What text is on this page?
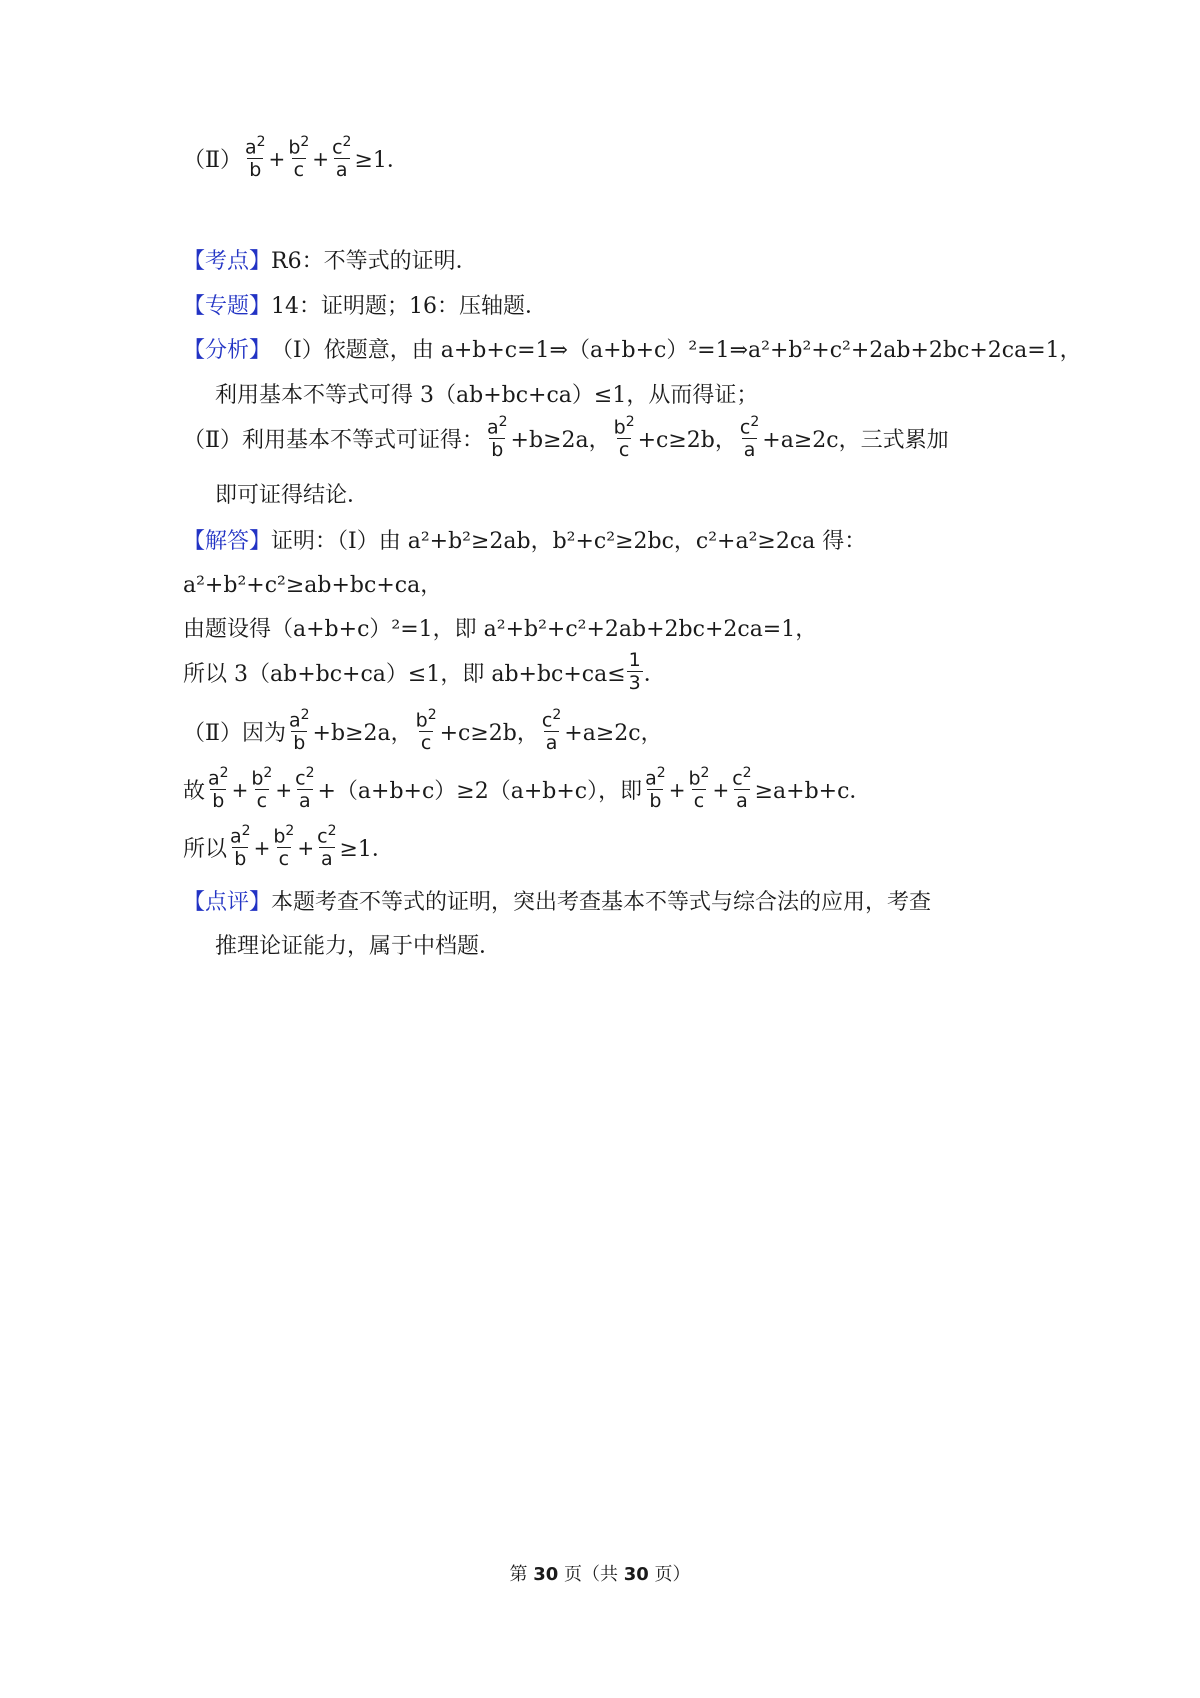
（Ⅱ） $\frac{a^2}{b} + \frac{b^2}{c} + \frac{c^2}{a} \ge 1$．
【考点】 R6：不等式的证明．
【专题】 14：证明题；16：压轴题．
【分析】 （Ⅰ）依题意，由 a+b+c=1⇒（a+b+c）²=1⇒a²+b²+c²+2ab+2bc+2ca=1，
利用基本不等式可得 3（ab+bc+ca）≤1，从而得证；
（Ⅱ）利用基本不等式可证得： $\frac{a^2}{b} +b\ge 2a$， $\frac{b^2}{c} +c\ge 2b$， $\frac{c^2}{a} +a\ge 2c$，三式累加
即可证得结论．
【解答】 证明：（Ⅰ）由 a²+b²≥2ab，b²+c²≥2bc，c²+a²≥2ca 得：
a²+b²+c²≥ab+bc+ca，
由题设得（a+b+c）²=1，即 a²+b²+c²+2ab+2bc+2ca=1，
所以 3（ab+bc+ca）≤1，即 $ab+bc+ca\le \frac{1}{3}$ ．
（Ⅱ）因为 $\frac{a^2}{b} +b\ge 2a$， $\frac{b^2}{c} +c\ge 2b$， $\frac{c^2}{a} +a\ge 2c$，
故 $\frac{a^2}{b} + \frac{b^2}{c} + \frac{c^2}{a} +(a+b+c)\ge 2(a+b+c)$，即 $\frac{a^2}{b} + \frac{b^2}{c} + \frac{c^2}{a} \ge a+b+c$．
所以 $\frac{a^2}{b} + \frac{b^2}{c} + \frac{c^2}{a} \ge 1$．
【点评】 本题考查不等式的证明，突出考查基本不等式与综合法的应用，考查
推理论证能力，属于中档题．
第 30 页（共 30 页）
